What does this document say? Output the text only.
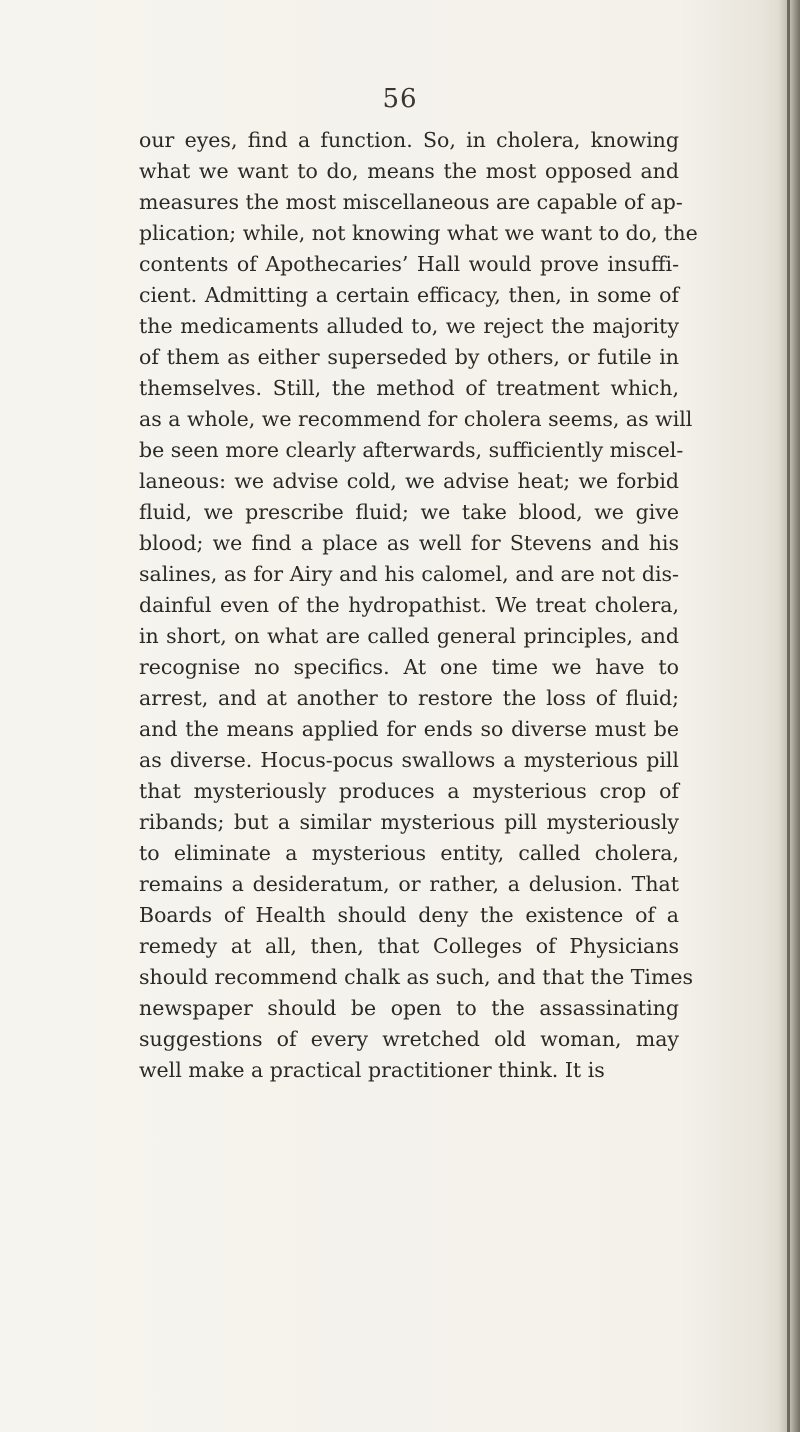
56
our eyes, find a function. So, in cholera, knowing
what we want to do, means the most opposed and
measures the most miscellaneous are capable of ap-
plication; while, not knowing what we want to do, the
contents of Apothecaries’ Hall would prove insuffi-
cient. Admitting a certain efficacy, then, in some of
the medicaments alluded to, we reject the majority
of them as either superseded by others, or futile in
themselves. Still, the method of treatment which,
as a whole, we recommend for cholera seems, as will
be seen more clearly afterwards, sufficiently miscel-
laneous: we advise cold, we advise heat; we forbid
fluid, we prescribe fluid; we take blood, we give
blood; we find a place as well for Stevens and his
salines, as for Airy and his calomel, and are not dis-
dainful even of the hydropathist. We treat cholera,
in short, on what are called general principles, and
recognise no specifics. At one time we have to
arrest, and at another to restore the loss of fluid;
and the means applied for ends so diverse must be
as diverse. Hocus-pocus swallows a mysterious pill
that mysteriously produces a mysterious crop of
ribands; but a similar mysterious pill mysteriously
to eliminate a mysterious entity, called cholera,
remains a desideratum, or rather, a delusion. That
Boards of Health should deny the existence of a
remedy at all, then, that Colleges of Physicians
should recommend chalk as such, and that the Times
newspaper should be open to the assassinating
suggestions of every wretched old woman, may
well make a practical practitioner think. It is
